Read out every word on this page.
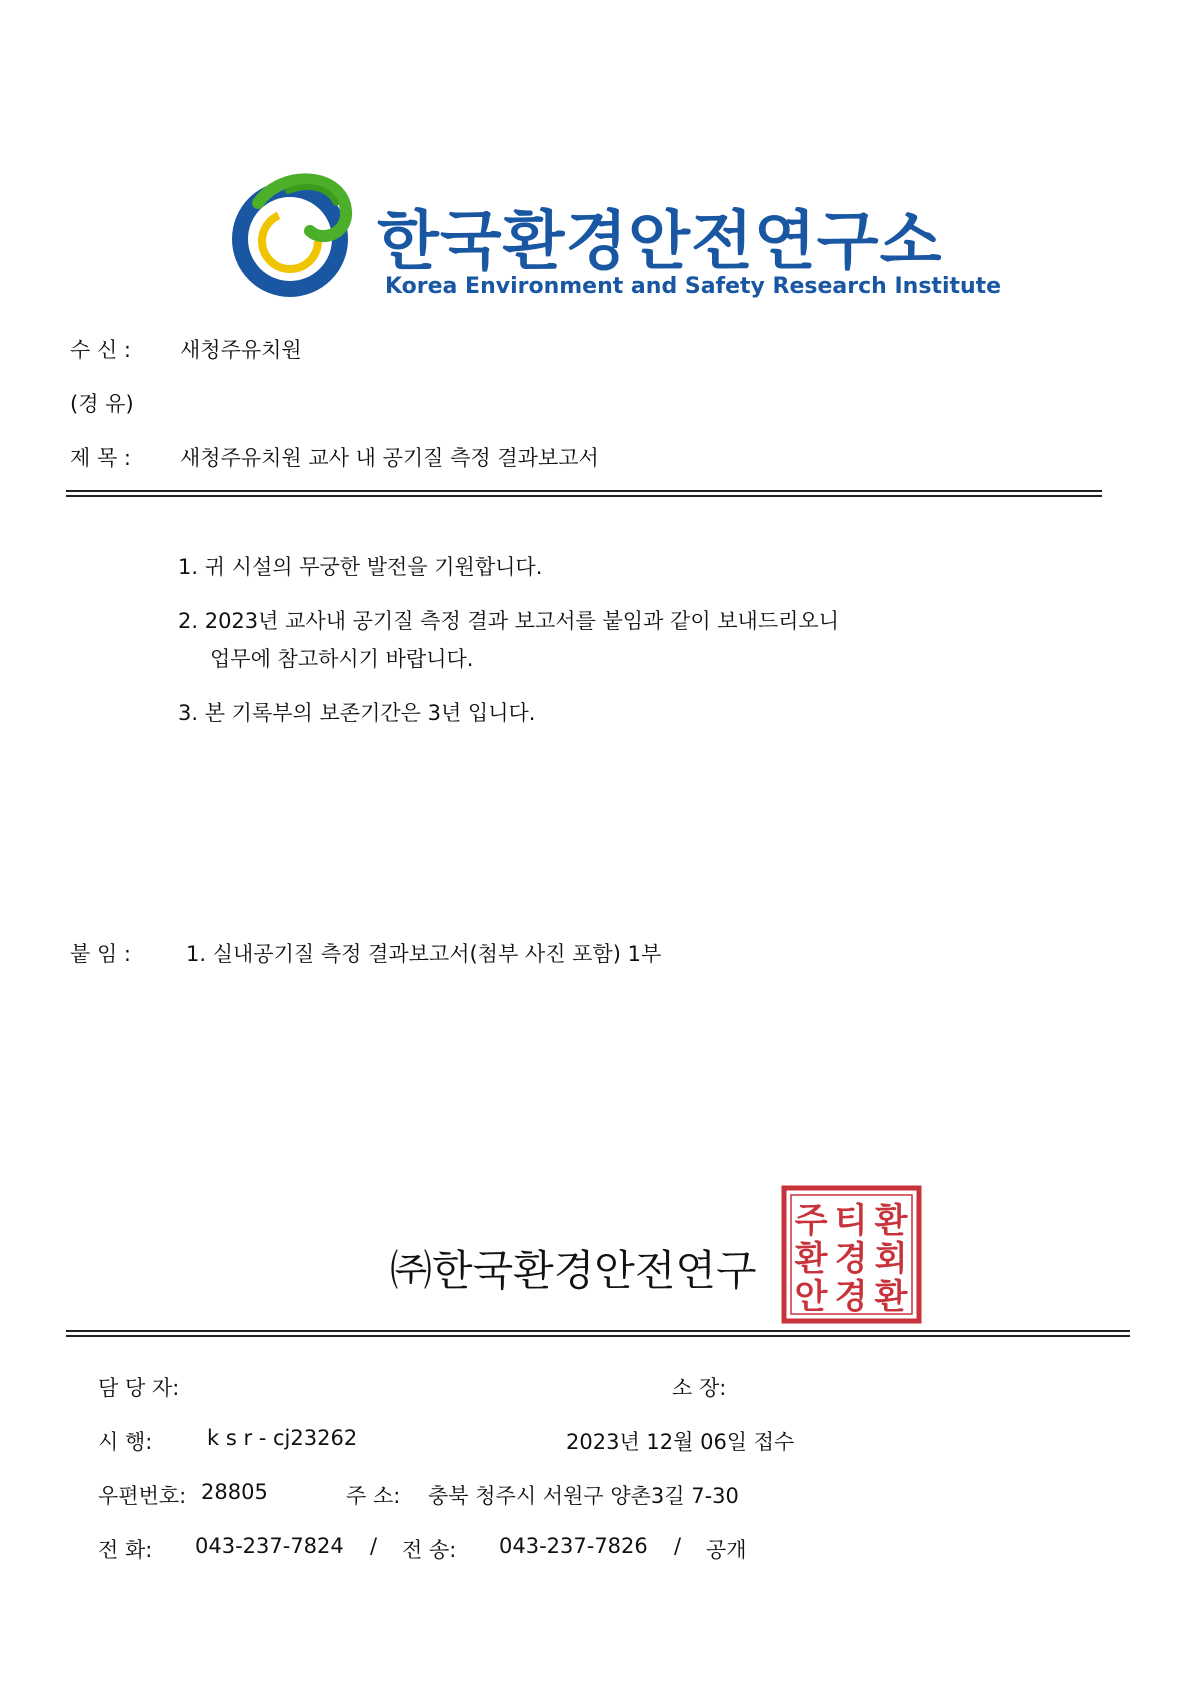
한국환경안전연구소
Korea Environment and Safety Research Institute
수 신 : 새청주유치원
(경 유)
제 목 : 새청주유치원 교사 내 공기질 측정 결과보고서
1. 귀 시설의 무궁한 발전을 기원합니다.
2. 2023년 교사내 공기질 측정 결과 보고서를 붙임과 같이 보내드리오니
업무에 참고하시기 바랍니다.
3. 본 기록부의 보존기간은 3년 입니다.
붙 임 :	1. 실내공기질 측정 결과보고서(첨부 사진 포함) 1부
㈜한국환경안전연구
주 티 환
환 경 회
안 경 환
담 당 자:	소 장:
시 행:	k s r - cj23262	2023년 12월 06일 접수
우편번호: 28805	주 소: 충북 청주시 서원구 양촌3길 7-30
전 화: 043-237-7824 / 전 송: 043-237-7826 / 공개
